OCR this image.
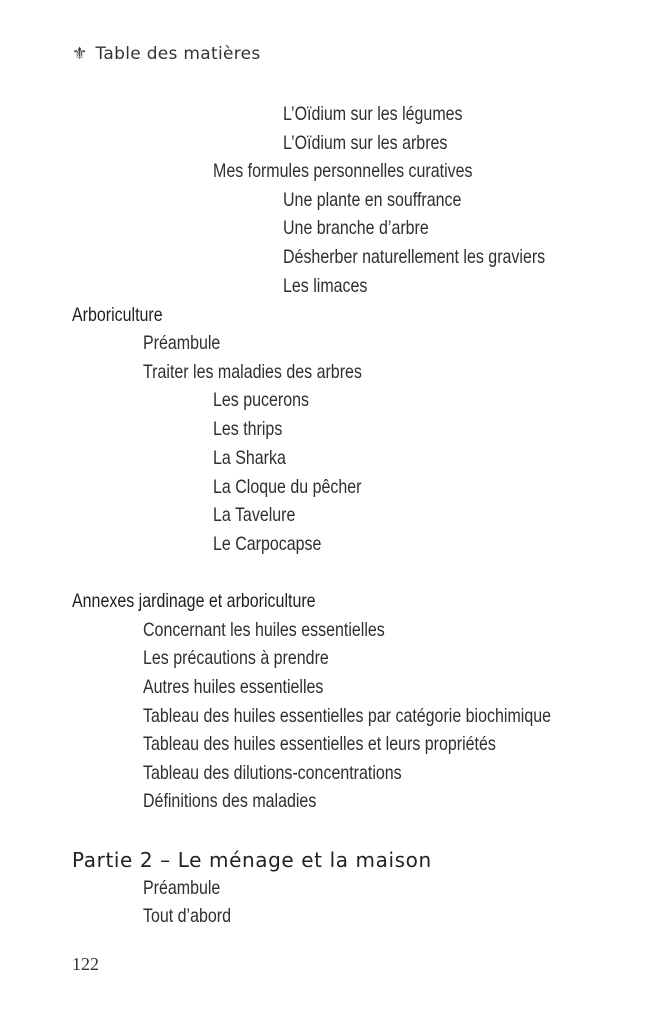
⚜ Table des matières
L’Oïdium sur les légumes
L’Oïdium sur les arbres
Mes formules personnelles curatives
Une plante en souffrance
Une branche d’arbre
Désherber naturellement les graviers
Les limaces
Arboriculture
Préambule
Traiter les maladies des arbres
Les pucerons
Les thrips
La Sharka
La Cloque du pêcher
La Tavelure
Le Carpocapse
Annexes jardinage et arboriculture
Concernant les huiles essentielles
Les précautions à prendre
Autres huiles essentielles
Tableau des huiles essentielles par catégorie biochimique
Tableau des huiles essentielles et leurs propriétés
Tableau des dilutions-concentrations
Définitions des maladies
Partie 2 – Le ménage et la maison
Préambule
Tout d’abord
122
